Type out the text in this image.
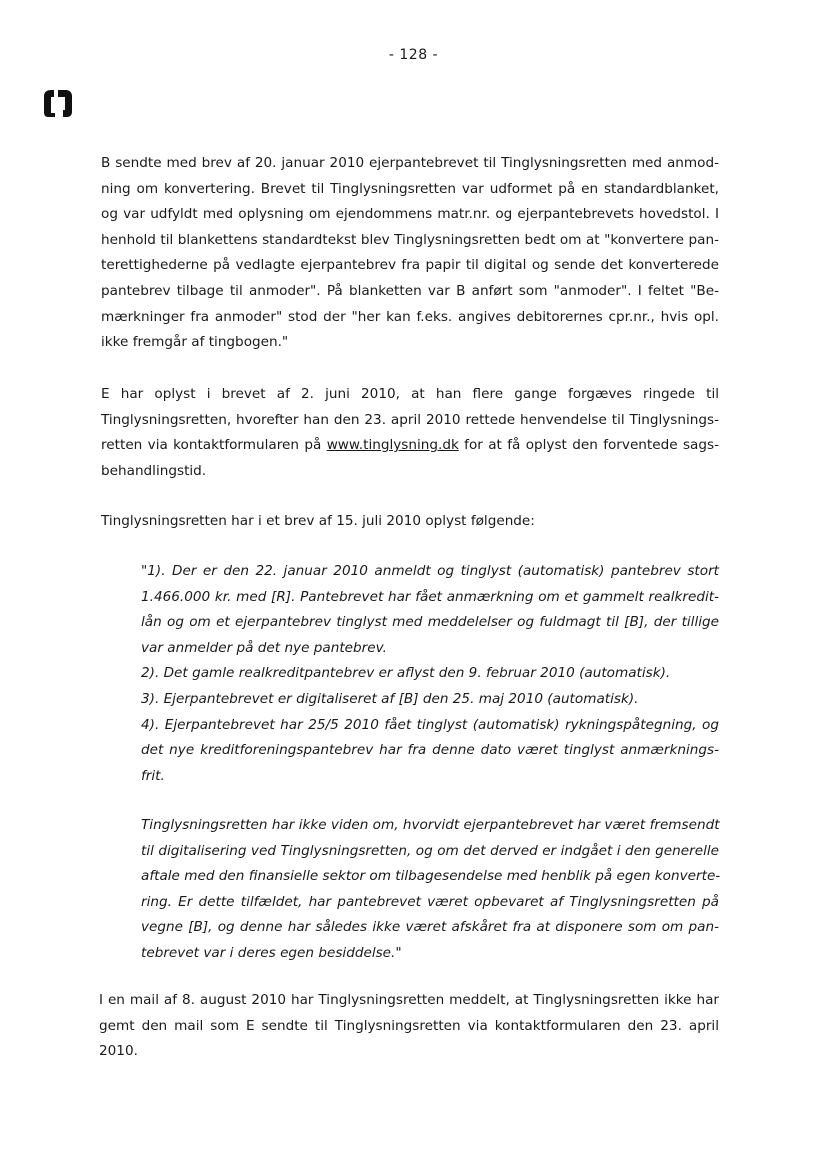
- 128 -
B sendte med brev af 20. januar 2010 ejerpantebrevet til Tinglysningsretten med anmod-
ning om konvertering. Brevet til Tinglysningsretten var udformet på en standardblanket,
og var udfyldt med oplysning om ejendommens matr.nr. og ejerpantebrevets hovedstol. I
henhold til blankettens standardtekst blev Tinglysningsretten bedt om at "konvertere pan-
terettighederne på vedlagte ejerpantebrev fra papir til digital og sende det konverterede
pantebrev tilbage til anmoder". På blanketten var B anført som "anmoder". I feltet "Be-
mærkninger fra anmoder" stod der "her kan f.eks. angives debitorernes cpr.nr., hvis opl.
ikke fremgår af tingbogen."
E har oplyst i brevet af 2. juni 2010, at han flere gange forgæves ringede til
Tinglysningsretten, hvorefter han den 23. april 2010 rettede henvendelse til Tinglysnings-
retten via kontaktformularen på www.tinglysning.dk for at få oplyst den forventede sags-
behandlingstid.
Tinglysningsretten har i et brev af 15. juli 2010 oplyst følgende:
"1). Der er den 22. januar 2010 anmeldt og tinglyst (automatisk) pantebrev stort
1.466.000 kr. med [R]. Pantebrevet har fået anmærkning om et gammelt realkredit-
lån og om et ejerpantebrev tinglyst med meddelelser og fuldmagt til [B], der tillige
var anmelder på det nye pantebrev.
2). Det gamle realkreditpantebrev er aflyst den 9. februar 2010 (automatisk).
3). Ejerpantebrevet er digitaliseret af [B] den 25. maj 2010 (automatisk).
4). Ejerpantebrevet har 25/5 2010 fået tinglyst (automatisk) rykningspåtegning, og
det nye kreditforeningspantebrev har fra denne dato været tinglyst anmærknings-
frit.
Tinglysningsretten har ikke viden om, hvorvidt ejerpantebrevet har været fremsendt
til digitalisering ved Tinglysningsretten, og om det derved er indgået i den generelle
aftale med den finansielle sektor om tilbagesendelse med henblik på egen konverte-
ring. Er dette tilfældet, har pantebrevet været opbevaret af Tinglysningsretten på
vegne [B], og denne har således ikke været afskåret fra at disponere som om pan-
tebrevet var i deres egen besiddelse."
I en mail af 8. august 2010 har Tinglysningsretten meddelt, at Tinglysningsretten ikke har
gemt den mail som E sendte til Tinglysningsretten via kontaktformularen den 23. april
2010.
